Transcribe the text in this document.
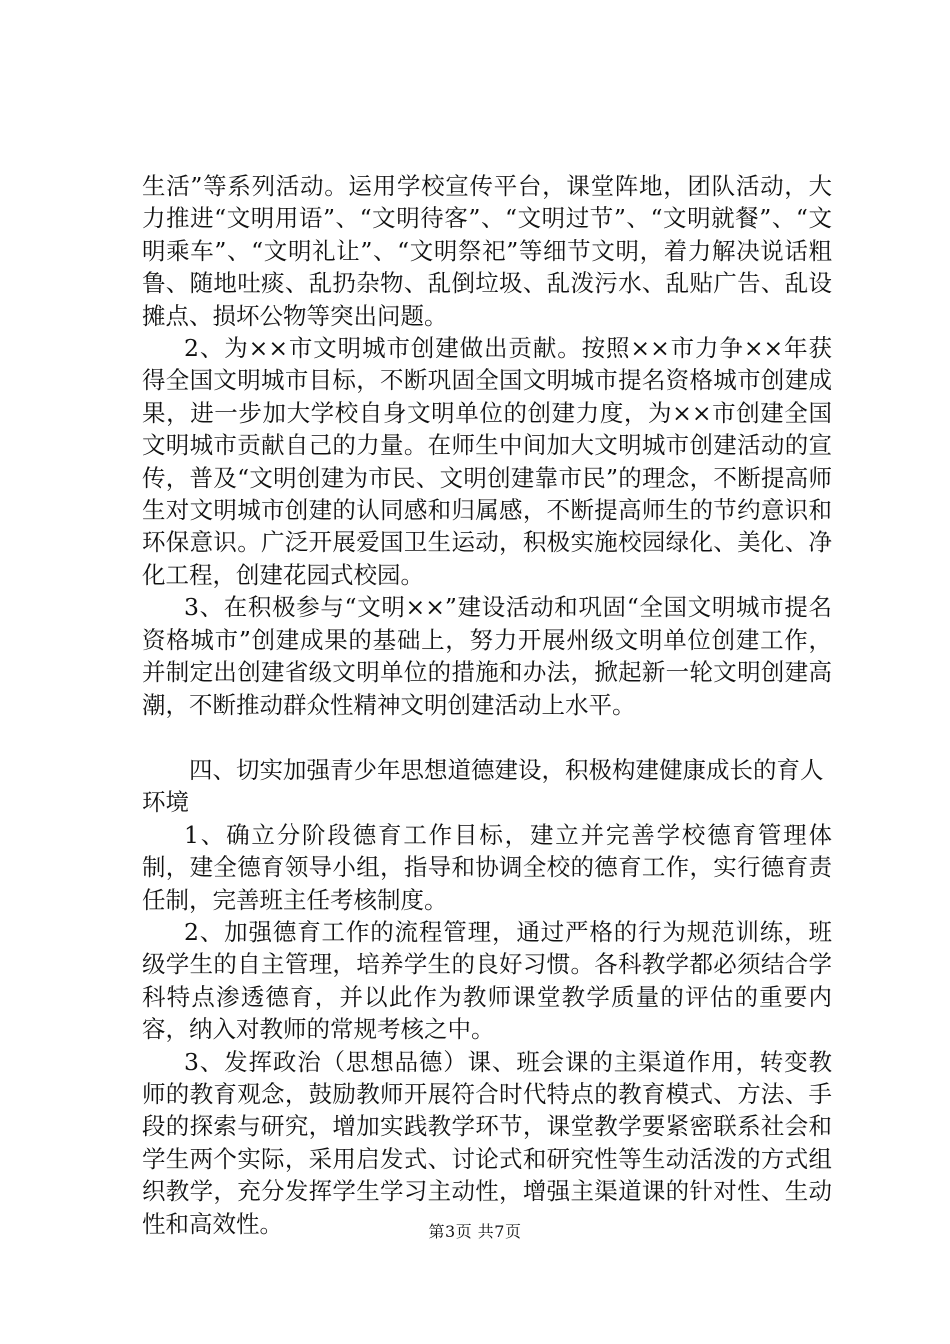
生活”等系列活动。运用学校宣传平台，课堂阵地，团队活动，大力推进“文明用语”、“文明待客”、“文明过节”、“文明就餐”、“文明乘车”、“文明礼让”、“文明祭祀”等细节文明，着力解决说话粗鲁、随地吐痰、乱扔杂物、乱倒垃圾、乱泼污水、乱贴广告、乱设摊点、损坏公物等突出问题。

2、为××市文明城市创建做出贡献。按照××市力争××年获得全国文明城市目标，不断巩固全国文明城市提名资格城市创建成果，进一步加大学校自身文明单位的创建力度，为××市创建全国文明城市贡献自己的力量。在师生中间加大文明城市创建活动的宣传，普及“文明创建为市民、文明创建靠市民”的理念，不断提高师生对文明城市创建的认同感和归属感，不断提高师生的节约意识和环保意识。广泛开展爱国卫生运动，积极实施校园绿化、美化、净化工程，创建花园式校园。

3、在积极参与“文明××”建设活动和巩固“全国文明城市提名资格城市”创建成果的基础上，努力开展州级文明单位创建工作，并制定出创建省级文明单位的措施和办法，掀起新一轮文明创建高潮，不断推动群众性精神文明创建活动上水平。

四、切实加强青少年思想道德建设，积极构建健康成长的育人环境

1、确立分阶段德育工作目标，建立并完善学校德育管理体制，建全德育领导小组，指导和协调全校的德育工作，实行德育责任制，完善班主任考核制度。

2、加强德育工作的流程管理，通过严格的行为规范训练，班级学生的自主管理，培养学生的良好习惯。各科教学都必须结合学科特点渗透德育，并以此作为教师课堂教学质量的评估的重要内容，纳入对教师的常规考核之中。

3、发挥政治（思想品德）课、班会课的主渠道作用，转变教师的教育观念，鼓励教师开展符合时代特点的教育模式、方法、手段的探索与研究，增加实践教学环节，课堂教学要紧密联系社会和学生两个实际，采用启发式、讨论式和研究性等生动活泼的方式组织教学，充分发挥学生学习主动性，增强主渠道课的针对性、生动性和高效性。	第3页 共7页
